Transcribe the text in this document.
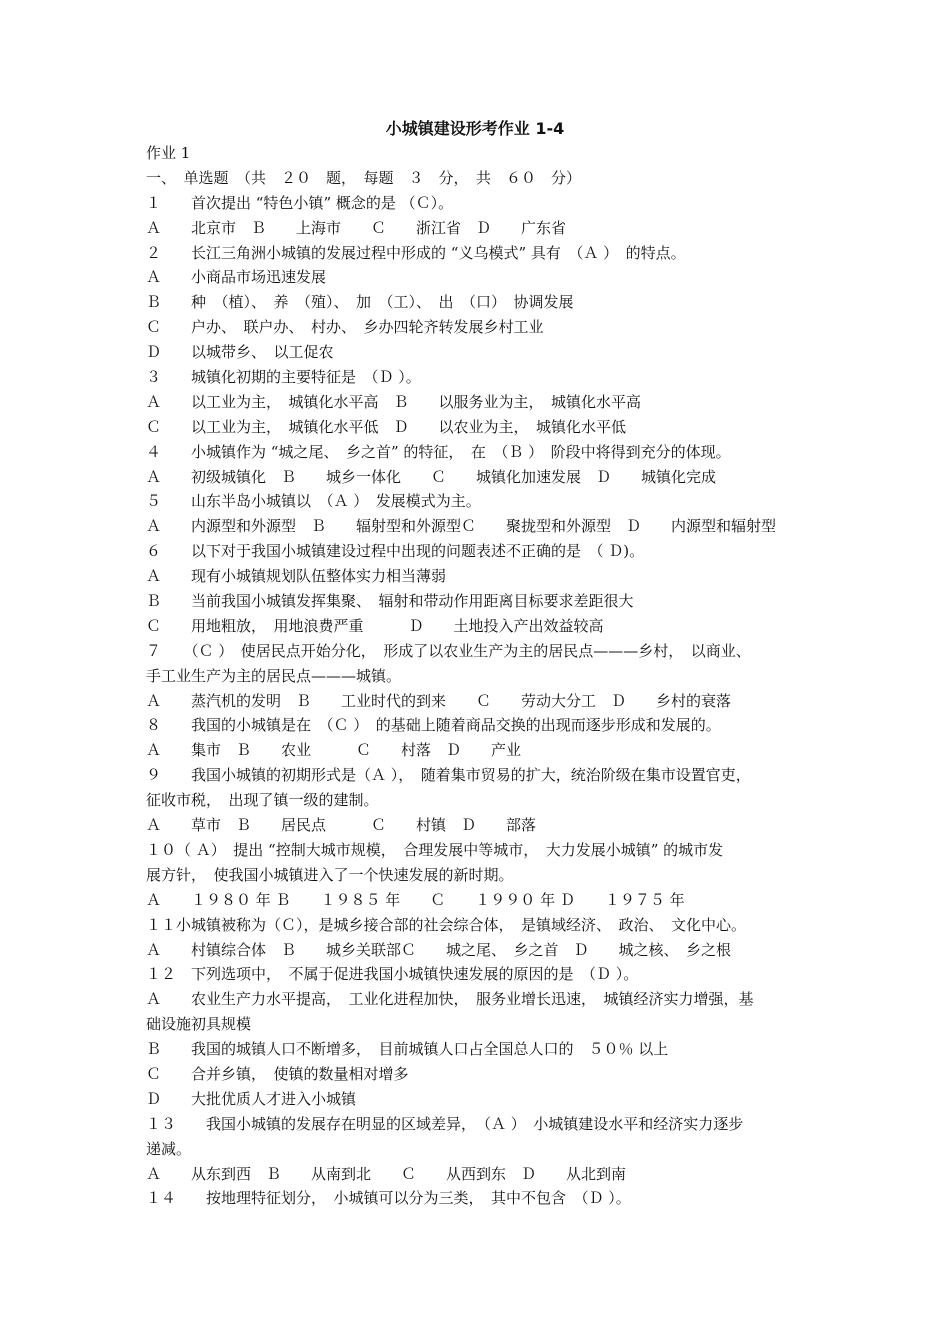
小城镇建设形考作业 1-4
作业 1
一、　单选题　（共　２０　题，　每题　３　分，　共　６０　分）
１　　首次提出 “特色小镇” 概念的是 （Ｃ）。
Ａ　　北京市　Ｂ　　上海市　　Ｃ　　浙江省　Ｄ　　广东省
２　　长江三角洲小城镇的发展过程中形成的 “义乌模式” 具有　（Ａ ）　的特点。
Ａ　　小商品市场迅速发展
Ｂ　　种　（植）、　养　（殖）、　加　（工）、　出　（口）　协调发展
Ｃ　　户办、　联户办、　村办、　乡办四轮齐转发展乡村工业
Ｄ　　以城带乡、　以工促农
３　　城镇化初期的主要特征是　（Ｄ ）。
Ａ　　以工业为主，　城镇化水平高　Ｂ　　以服务业为主，　城镇化水平高
Ｃ　　以工业为主，　城镇化水平低　Ｄ　　以农业为主，　城镇化水平低
４　　小城镇作为 “城之尾、　乡之首” 的特征，　在　（Ｂ ）　阶段中将得到充分的体现。
Ａ　　初级城镇化　Ｂ　　城乡一体化　　Ｃ　　城镇化加速发展　Ｄ　　城镇化完成
５　　山东半岛小城镇以　（Ａ ）　发展模式为主。
Ａ　　内源型和外源型　Ｂ　　辐射型和外源型Ｃ　　聚拢型和外源型　Ｄ　　内源型和辐射型
６　　以下对于我国小城镇建设过程中出现的问题表述不正确的是　（ Ｄ)。
Ａ　　现有小城镇规划队伍整体实力相当薄弱
Ｂ　　当前我国小城镇发挥集聚、　辐射和带动作用距离目标要求差距很大
Ｃ　　用地粗放，　用地浪费严重　　　Ｄ　　土地投入产出效益较高
７　　（Ｃ ）　使居民点开始分化，　形成了以农业生产为主的居民点———乡村，　以商业、
手工业生产为主的居民点———城镇。
Ａ　　蒸汽机的发明　Ｂ　　工业时代的到来　　Ｃ　　劳动大分工　Ｄ　　乡村的衰落
８　　我国的小城镇是在　（Ｃ ）　的基础上随着商品交换的出现而逐步形成和发展的。
Ａ　　集市　Ｂ　　农业　　　Ｃ　　村落　Ｄ　　产业
９　　我国小城镇的初期形式是（Ａ ），　随着集市贸易的扩大，统治阶级在集市设置官吏，
征收市税，　出现了镇一级的建制。
Ａ　　草市　Ｂ　　居民点　　　Ｃ　　村镇　Ｄ　　部落
１０（ Ａ）　提出 “控制大城市规模，　合理发展中等城市，　大力发展小城镇” 的城市发
展方针，　使我国小城镇进入了一个快速发展的新时期。
Ａ　　１９８０ 年 Ｂ　　１９８５ 年　　Ｃ　　１９９０ 年 Ｄ　　１９７５ 年
１１小城镇被称为（Ｃ），是城乡接合部的社会综合体，　是镇域经济、　政治、　文化中心。
Ａ　　村镇综合体　Ｂ　　城乡关联部Ｃ　　城之尾、　乡之首　Ｄ　　城之核、　乡之根
１２　下列选项中，　不属于促进我国小城镇快速发展的原因的是　（Ｄ ）。
Ａ　　农业生产力水平提高，　工业化进程加快，　服务业增长迅速，　城镇经济实力增强，基
础设施初具规模
Ｂ　　我国的城镇人口不断增多，　目前城镇人口占全国总人口的　５０％ 以上
Ｃ　　合并乡镇，　使镇的数量相对增多
Ｄ　　大批优质人才进入小城镇
１３　　我国小城镇的发展存在明显的区域差异，　（Ａ ）　小城镇建设水平和经济实力逐步
递减。
Ａ　　从东到西　Ｂ　　从南到北　　Ｃ　　从西到东　Ｄ　　从北到南
１４　　按地理特征划分，　小城镇可以分为三类，　其中不包含　（Ｄ ）。
